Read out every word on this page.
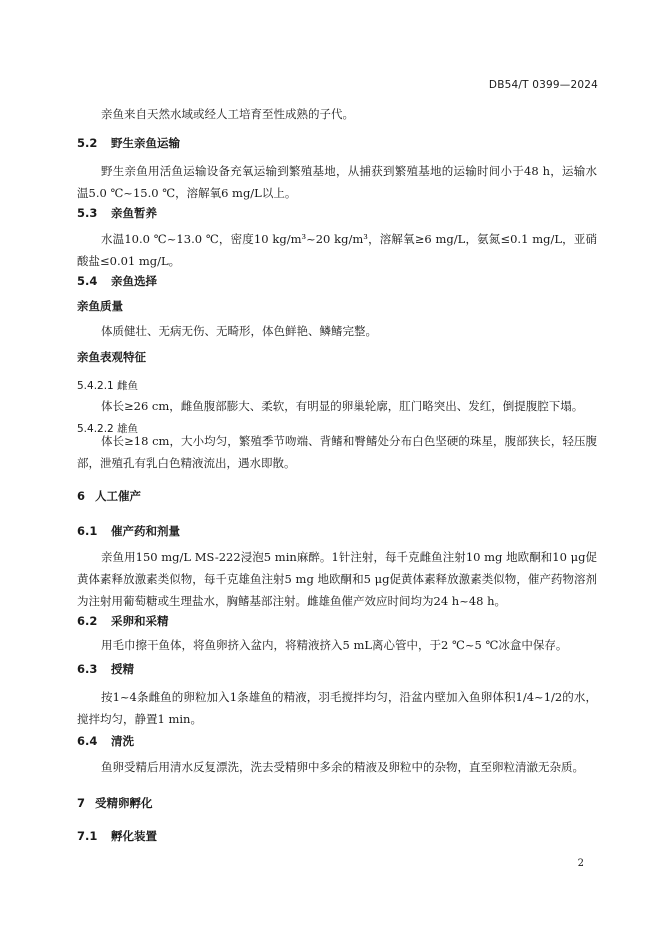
DB54/T 0399—2024
亲鱼来自天然水域或经人工培育至性成熟的子代。
5.2 野生亲鱼运输
野生亲鱼用活鱼运输设备充氧运输到繁殖基地，从捕获到繁殖基地的运输时间小于48 h，运输水温5.0 ℃~15.0 ℃，溶解氧6 mg/L以上。
5.3 亲鱼暂养
水温10.0 ℃~13.0 ℃，密度10 kg/m³~20 kg/m³，溶解氧≥6 mg/L，氨氮≤0.1 mg/L，亚硝酸盐≤0.01 mg/L。
5.4 亲鱼选择
亲鱼质量
体质健壮、无病无伤、无畸形，体色鲜艳、鳞鳍完整。
亲鱼表观特征
5.4.2.1 雌鱼
体长≥26 cm，雌鱼腹部膨大、柔软，有明显的卵巢轮廓，肛门略突出、发红，倒提腹腔下塌。
5.4.2.2 雄鱼
体长≥18 cm，大小均匀，繁殖季节吻端、背鳍和臀鳍处分布白色坚硬的珠星，腹部狭长，轻压腹部，泄殖孔有乳白色精液流出，遇水即散。
6 人工催产
6.1 催产药和剂量
亲鱼用150 mg/L MS-222浸泡5 min麻醉。1针注射，每千克雌鱼注射10 mg 地欧酮和10 μg促黄体素释放激素类似物，每千克雄鱼注射5 mg 地欧酮和5 μg促黄体素释放激素类似物，催产药物溶剂为注射用葡萄糖或生理盐水，胸鳍基部注射。雌雄鱼催产效应时间均为24 h~48 h。
6.2 采卵和采精
用毛巾擦干鱼体，将鱼卵挤入盆内，将精液挤入5 mL离心管中，于2 ℃~5 ℃冰盒中保存。
6.3 授精
按1~4条雌鱼的卵粒加入1条雄鱼的精液，羽毛搅拌均匀，沿盆内壁加入鱼卵体积1/4~1/2的水，搅拌均匀，静置1 min。
6.4 清洗
鱼卵受精后用清水反复漂洗，洗去受精卵中多余的精液及卵粒中的杂物，直至卵粒清澈无杂质。
7 受精卵孵化
7.1 孵化装置
2
